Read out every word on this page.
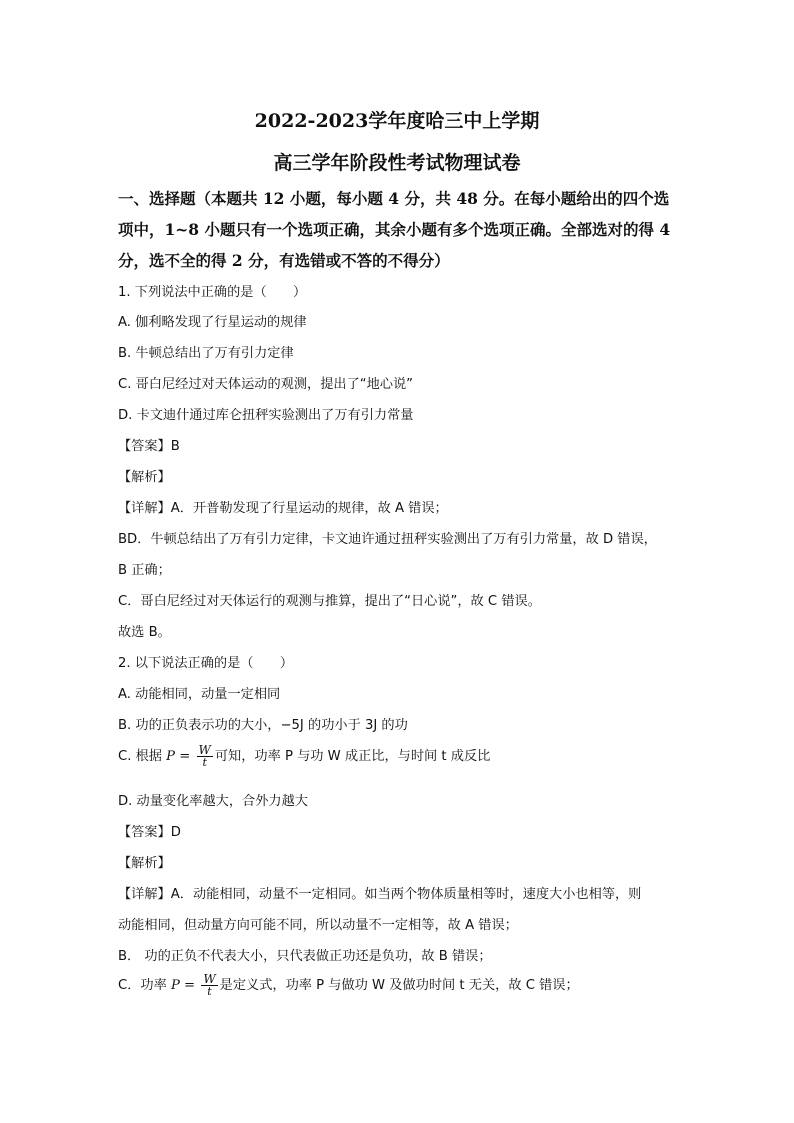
2022-2023学年度哈三中上学期
高三学年阶段性考试物理试卷
一、选择题（本题共 12 小题，每小题 4 分，共 48 分。在每小题给出的四个选
项中，1~8 小题只有一个选项正确，其余小题有多个选项正确。全部选对的得 4
分，选不全的得 2 分，有选错或不答的不得分）
1. 下列说法中正确的是（　　）
A. 伽利略发现了行星运动的规律
B. 牛顿总结出了万有引力定律
C. 哥白尼经过对天体运动的观测，提出了“地心说”
D. 卡文迪什通过库仑扭秤实验测出了万有引力常量
【答案】B
【解析】
【详解】A．开普勒发现了行星运动的规律，故 A 错误；
BD．牛顿总结出了万有引力定律，卡文迪许通过扭秤实验测出了万有引力常量，故 D 错误，
B 正确；
C．哥白尼经过对天体运行的观测与推算，提出了“日心说”，故 C 错误。
故选 B。
2. 以下说法正确的是（　　）
A. 动能相同，动量一定相同
B. 功的正负表示功的大小，−5J 的功小于 3J 的功
C. 根据 $P = \frac{W}{t}$ 可知，功率 P 与功 W 成正比，与时间 t 成反比
D. 动量变化率越大，合外力越大
【答案】D
【解析】
【详解】A．动能相同，动量不一定相同。如当两个物体质量相等时，速度大小也相等，则
动能相同，但动量方向可能不同，所以动量不一定相等，故 A 错误；
B． 功的正负不代表大小，只代表做正功还是负功，故 B 错误；
C．功率 $P = \frac{W}{t}$ 是定义式，功率 P 与做功 W 及做功时间 t 无关，故 C 错误；
